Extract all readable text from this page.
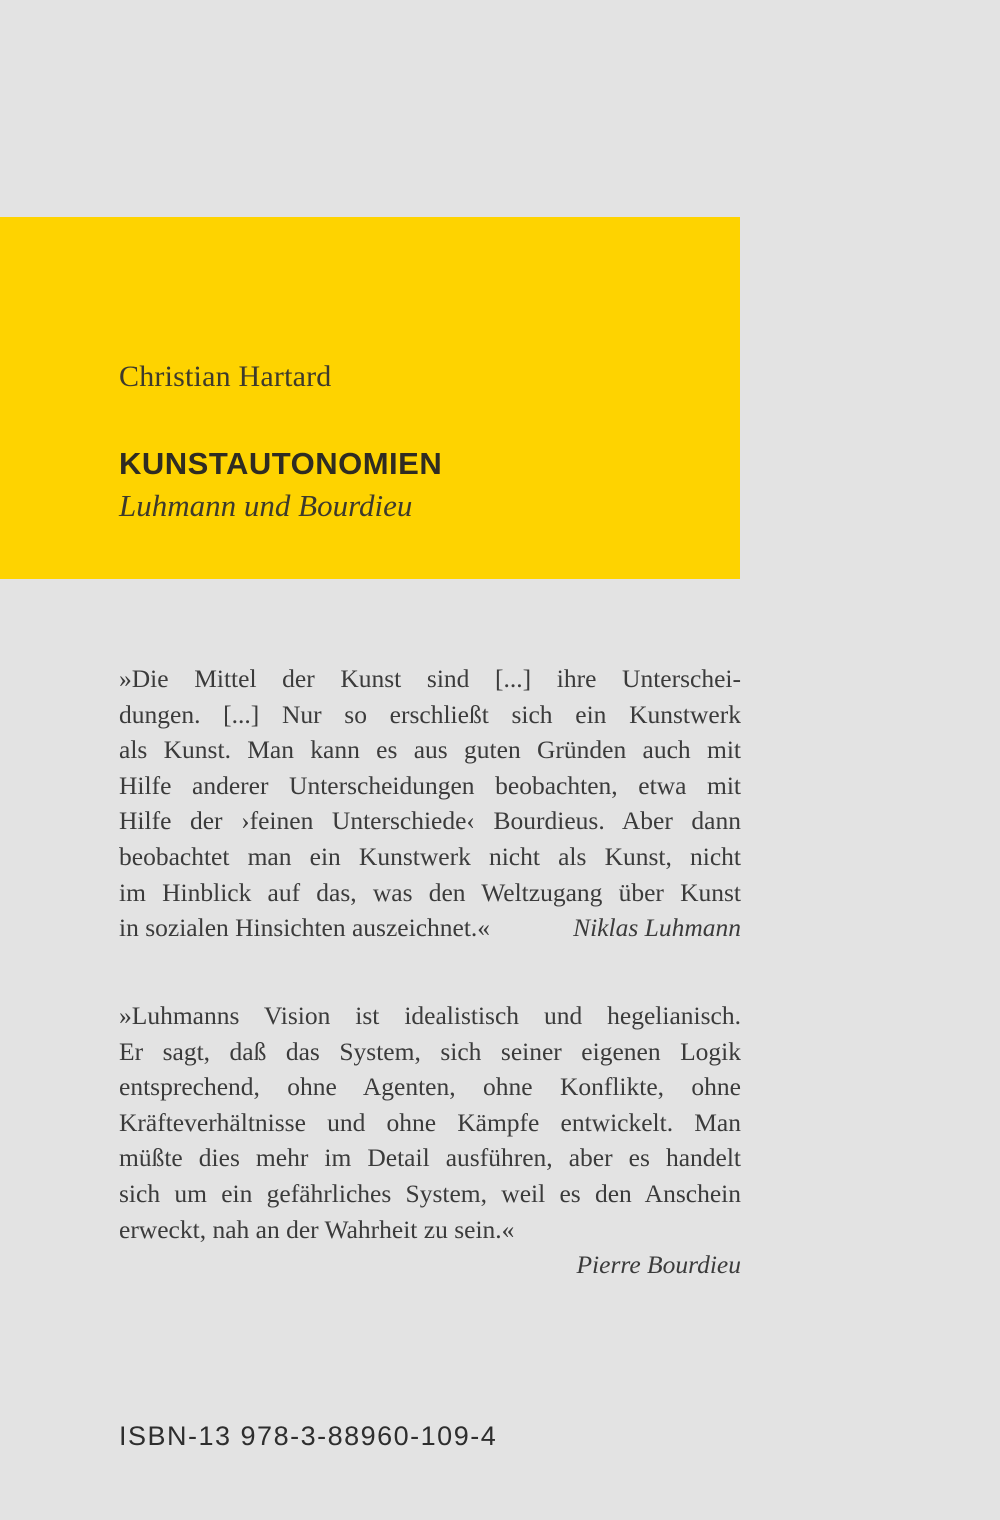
Christian Hartard
KUNSTAUTONOMIEN
Luhmann und Bourdieu
»Die Mittel der Kunst sind [...] ihre Unterschei-
dungen. [...] Nur so erschließt sich ein Kunstwerk
als Kunst. Man kann es aus guten Gründen auch mit
Hilfe anderer Unterscheidungen beobachten, etwa mit
Hilfe der ›feinen Unterschiede‹ Bourdieus. Aber dann
beobachtet man ein Kunstwerk nicht als Kunst, nicht
im Hinblick auf das, was den Weltzugang über Kunst
in sozialen Hinsichten auszeichnet.«	Niklas Luhmann
»Luhmanns Vision ist idealistisch und hegelianisch.
Er sagt, daß das System, sich seiner eigenen Logik
entsprechend, ohne Agenten, ohne Konflikte, ohne
Kräfteverhältnisse und ohne Kämpfe entwickelt. Man
müßte dies mehr im Detail ausführen, aber es handelt
sich um ein gefährliches System, weil es den Anschein
erweckt, nah an der Wahrheit zu sein.«
Pierre Bourdieu
ISBN-13 978-3-88960-109-4
